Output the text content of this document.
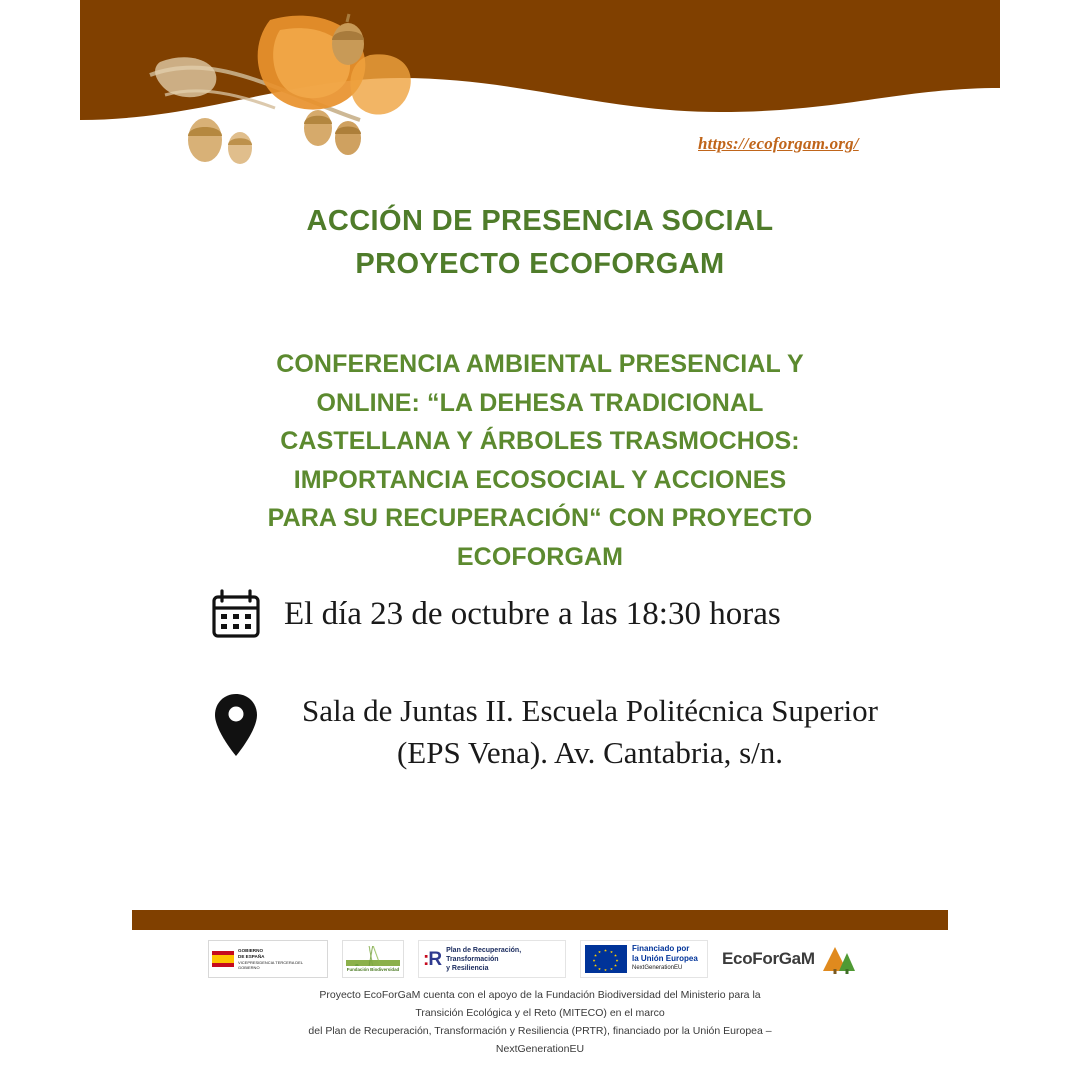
https://ecoforgam.org/
ACCIÓN DE PRESENCIA SOCIAL
PROYECTO ECOFORGAM
CONFERENCIA AMBIENTAL PRESENCIAL Y
ONLINE: “LA DEHESA TRADICIONAL
CASTELLANA Y ÁRBOLES TRASMOCHOS:
IMPORTANCIA ECOSOCIAL Y ACCIONES
PARA SU RECUPERACIÓN“ CON PROYECTO
ECOFORGAM
El día 23 de octubre a las 18:30 horas
Sala de Juntas II. Escuela Politécnica Superior (EPS Vena). Av. Cantabria, s/n.
GOBIERNO
DE ESPAÑA
VICEPRESIDENCIA TERCERA DEL GOBIERNO	Fundación Biodiversidad :R Plan de Recuperación,
Transformación
y Resiliencia
Financiado por
la Unión Europea
NextGenerationEU
EcoForGaM
Proyecto EcoForGaM cuenta con el apoyo de la Fundación Biodiversidad del Ministerio para la
Transición Ecológica y el Reto (MITECO) en el marco
del Plan de Recuperación, Transformación y Resiliencia (PRTR), financiado por la Unión Europea –
NextGenerationEU
